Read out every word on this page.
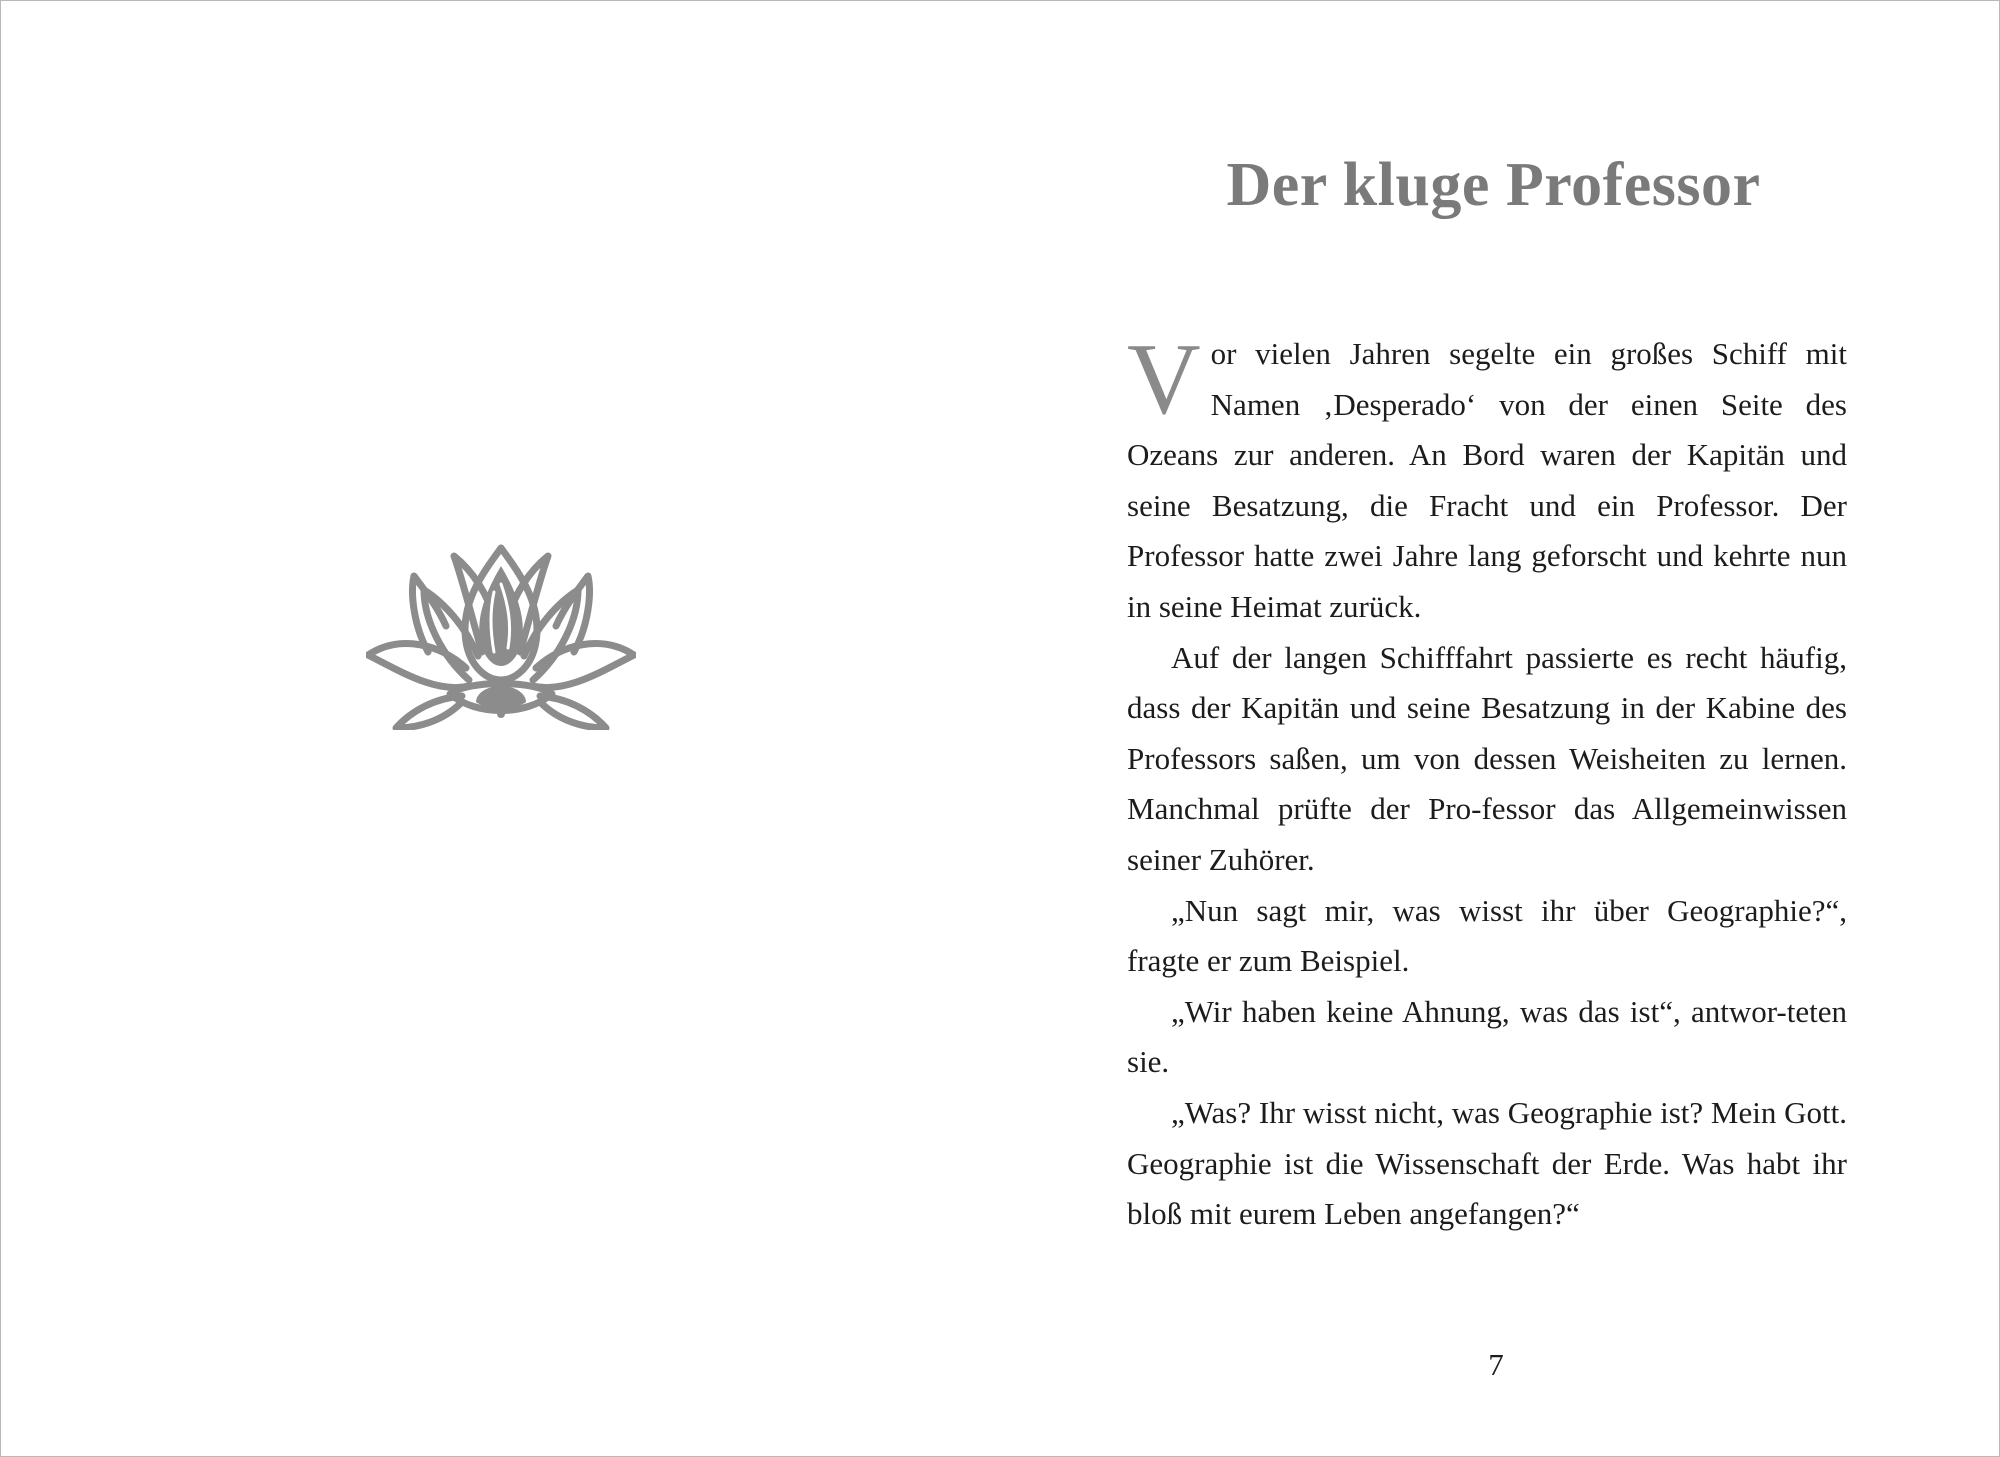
Der kluge Professor

Vor vielen Jahren segelte ein großes Schiff mit Namen ‚Desperado‘ von der einen Seite des Ozeans zur anderen. An Bord waren der Kapitän und seine Besatzung, die Fracht und ein Professor. Der Professor hatte zwei Jahre lang geforscht und kehrte nun in seine Heimat zurück.

Auf der langen Schifffahrt passierte es recht häufig, dass der Kapitän und seine Besatzung in der Kabine des Professors saßen, um von dessen Weisheiten zu lernen. Manchmal prüfte der Pro-fessor das Allgemeinwissen seiner Zuhörer.

„Nun sagt mir, was wisst ihr über Geographie?“, fragte er zum Beispiel.

„Wir haben keine Ahnung, was das ist“, antwor-teten sie.

„Was? Ihr wisst nicht, was Geographie ist? Mein Gott. Geographie ist die Wissenschaft der Erde. Was habt ihr bloß mit eurem Leben angefangen?“

7
